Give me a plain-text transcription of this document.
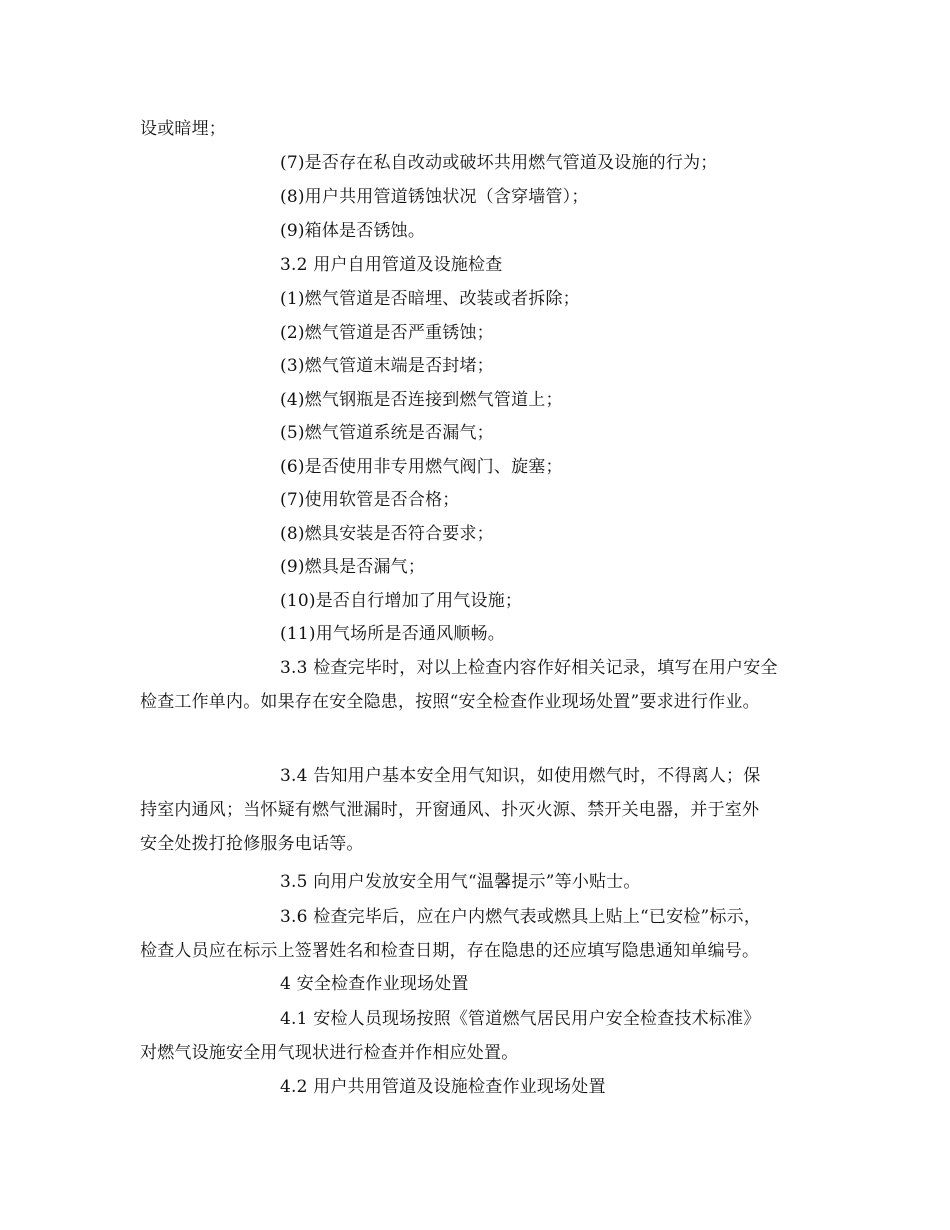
设或暗埋；
(7)是否存在私自改动或破坏共用燃气管道及设施的行为；
(8)用户共用管道锈蚀状况（含穿墙管）；
(9)箱体是否锈蚀。
3.2 用户自用管道及设施检查
(1)燃气管道是否暗埋、改装或者拆除；
(2)燃气管道是否严重锈蚀；
(3)燃气管道末端是否封堵；
(4)燃气钢瓶是否连接到燃气管道上；
(5)燃气管道系统是否漏气；
(6)是否使用非专用燃气阀门、旋塞；
(7)使用软管是否合格；
(8)燃具安装是否符合要求；
(9)燃具是否漏气；
(10)是否自行增加了用气设施；
(11)用气场所是否通风顺畅。
3.3 检查完毕时，对以上检查内容作好相关记录，填写在用户安全
检查工作单内。如果存在安全隐患，按照“安全检查作业现场处置”要求进行作业。
3.4 告知用户基本安全用气知识，如使用燃气时，不得离人；保
持室内通风；当怀疑有燃气泄漏时，开窗通风、扑灭火源、禁开关电器，并于室外
安全处拨打抢修服务电话等。
3.5 向用户发放安全用气“温馨提示”等小贴士。
3.6 检查完毕后，应在户内燃气表或燃具上贴上“已安检”标示，
检查人员应在标示上签署姓名和检查日期，存在隐患的还应填写隐患通知单编号。
4 安全检查作业现场处置
4.1 安检人员现场按照《管道燃气居民用户安全检查技术标准》
对燃气设施安全用气现状进行检查并作相应处置。
4.2 用户共用管道及设施检查作业现场处置
